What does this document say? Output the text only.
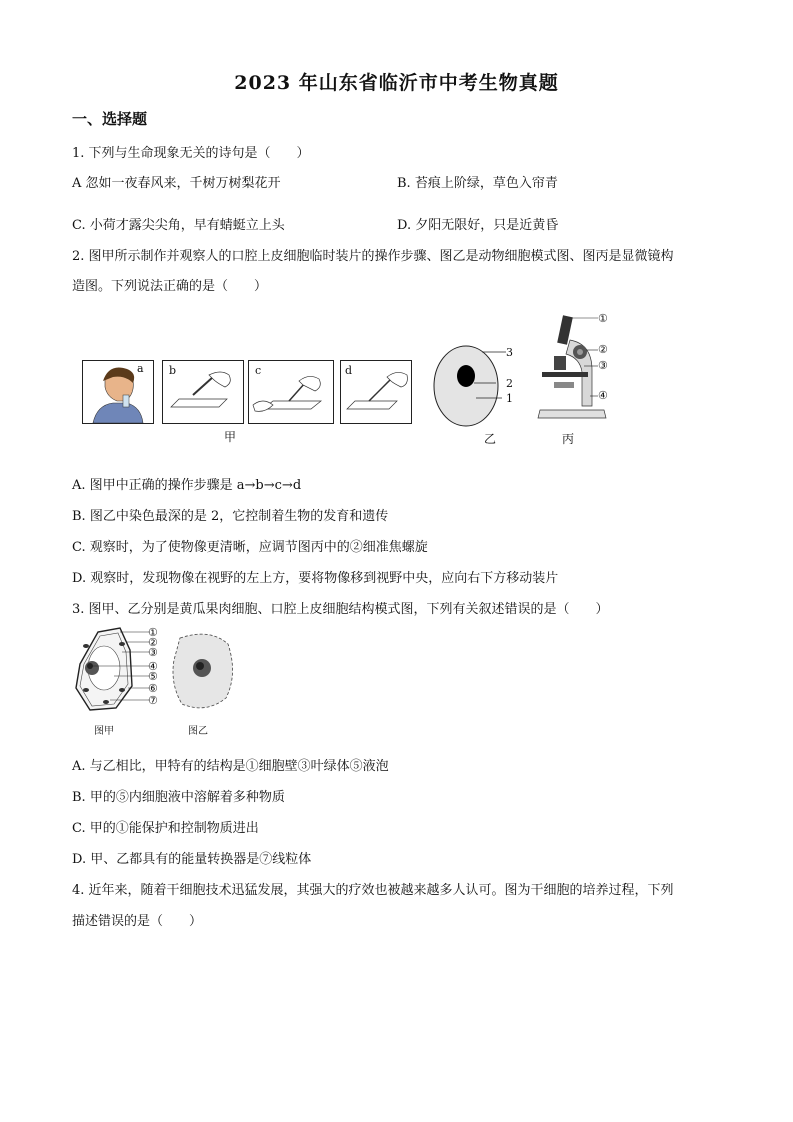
2023 年山东省临沂市中考生物真题
一、选择题
1. 下列与生命现象无关的诗句是（　　）
A 忽如一夜春风来，千树万树梨花开	B. 苔痕上阶绿，草色入帘青
C. 小荷才露尖尖角，早有蜻蜓立上头	D. 夕阳无限好，只是近黄昏
2. 图甲所示制作并观察人的口腔上皮细胞临时装片的操作步骤、图乙是动物细胞模式图、图丙是显微镜构
造图。下列说法正确的是（　　）
a b	c	d
甲
3
2
1
乙
①
②
③
④
丙
A. 图甲中正确的操作步骤是 a→b→c→d
B. 图乙中染色最深的是 2，它控制着生物的发育和遗传
C. 观察时，为了使物像更清晰，应调节图丙中的②细准焦螺旋
D. 观察时，发现物像在视野的左上方，要将物像移到视野中央，应向右下方移动装片
3. 图甲、乙分别是黄瓜果肉细胞、口腔上皮细胞结构模式图，下列有关叙述错误的是（　　）
①
②
③
④
⑤
⑥
⑦
图甲	图乙
A. 与乙相比，甲特有的结构是①细胞壁③叶绿体⑤液泡
B. 甲的⑤内细胞液中溶解着多种物质
C. 甲的①能保护和控制物质进出
D. 甲、乙都具有的能量转换器是⑦线粒体
4. 近年来，随着干细胞技术迅猛发展，其强大的疗效也被越来越多人认可。图为干细胞的培养过程，下列
描述错误的是（　　）
